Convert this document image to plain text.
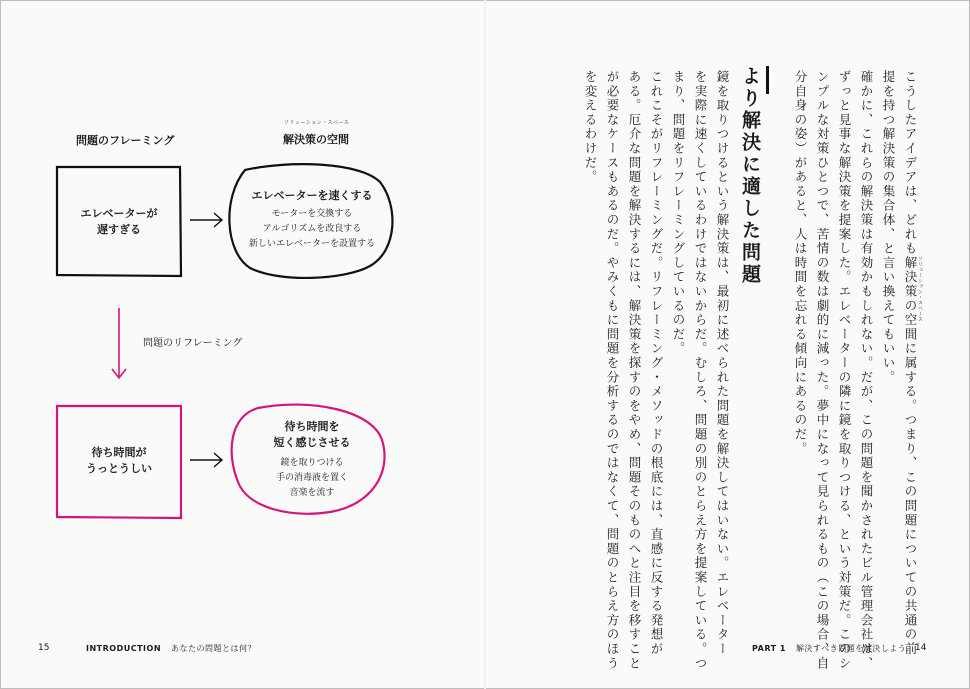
問題のフレーミング
ソリューション・スペース
解決策の空間
エレベーターが
遅すぎる
エレベーターを速くする
モーターを交換する
アルゴリズムを改良する
新しいエレベーターを設置する
問題のリフレーミング
待ち時間が
うっとうしい
待ち時間を
短く感じさせる
鏡を取りつける
手の消毒液を置く
音楽を流す	こうしたアイデアは、どれも解決策の空間に属する。つまり、この問題についての共通の前
提を持つ解決策の集合体、と言い換えてもいい。
確かに、これらの解決策は有効かもしれない。だが、この問題を聞かされたビル管理会社は、
ずっと見事な解決策を提案した。エレベーターの隣に鏡を取りつける、という対策だ。このシ
ンプルな対策ひとつで、苦情の数は劇的に減った。夢中になって見られるもの（この場合、自
分自身の姿）があると、人は時間を忘れる傾向にあるのだ。	ソリューション・スペース
より解決に適した問題
鏡を取りつけるという解決策は、最初に述べられた問題を解決してはいない。エレベーター
を実際に速くしているわけではないからだ。むしろ、問題の別のとらえ方を提案している。つ
まり、問題をリフレーミングしているのだ。
これこそがリフレーミングだ。リフレーミング・メソッドの根底には、直感に反する発想が
ある。厄介な問題を解決するには、解決策を探すのをやめ、問題そのものへと注目を移すこと
が必要なケースもあるのだ。やみくもに問題を分析するのではなくて、問題のとらえ方のほう
を変えるわけだ。
15	INTRODUCTION あなたの問題とは何？	PART 1 解決すべき問題を解決しよう 14
